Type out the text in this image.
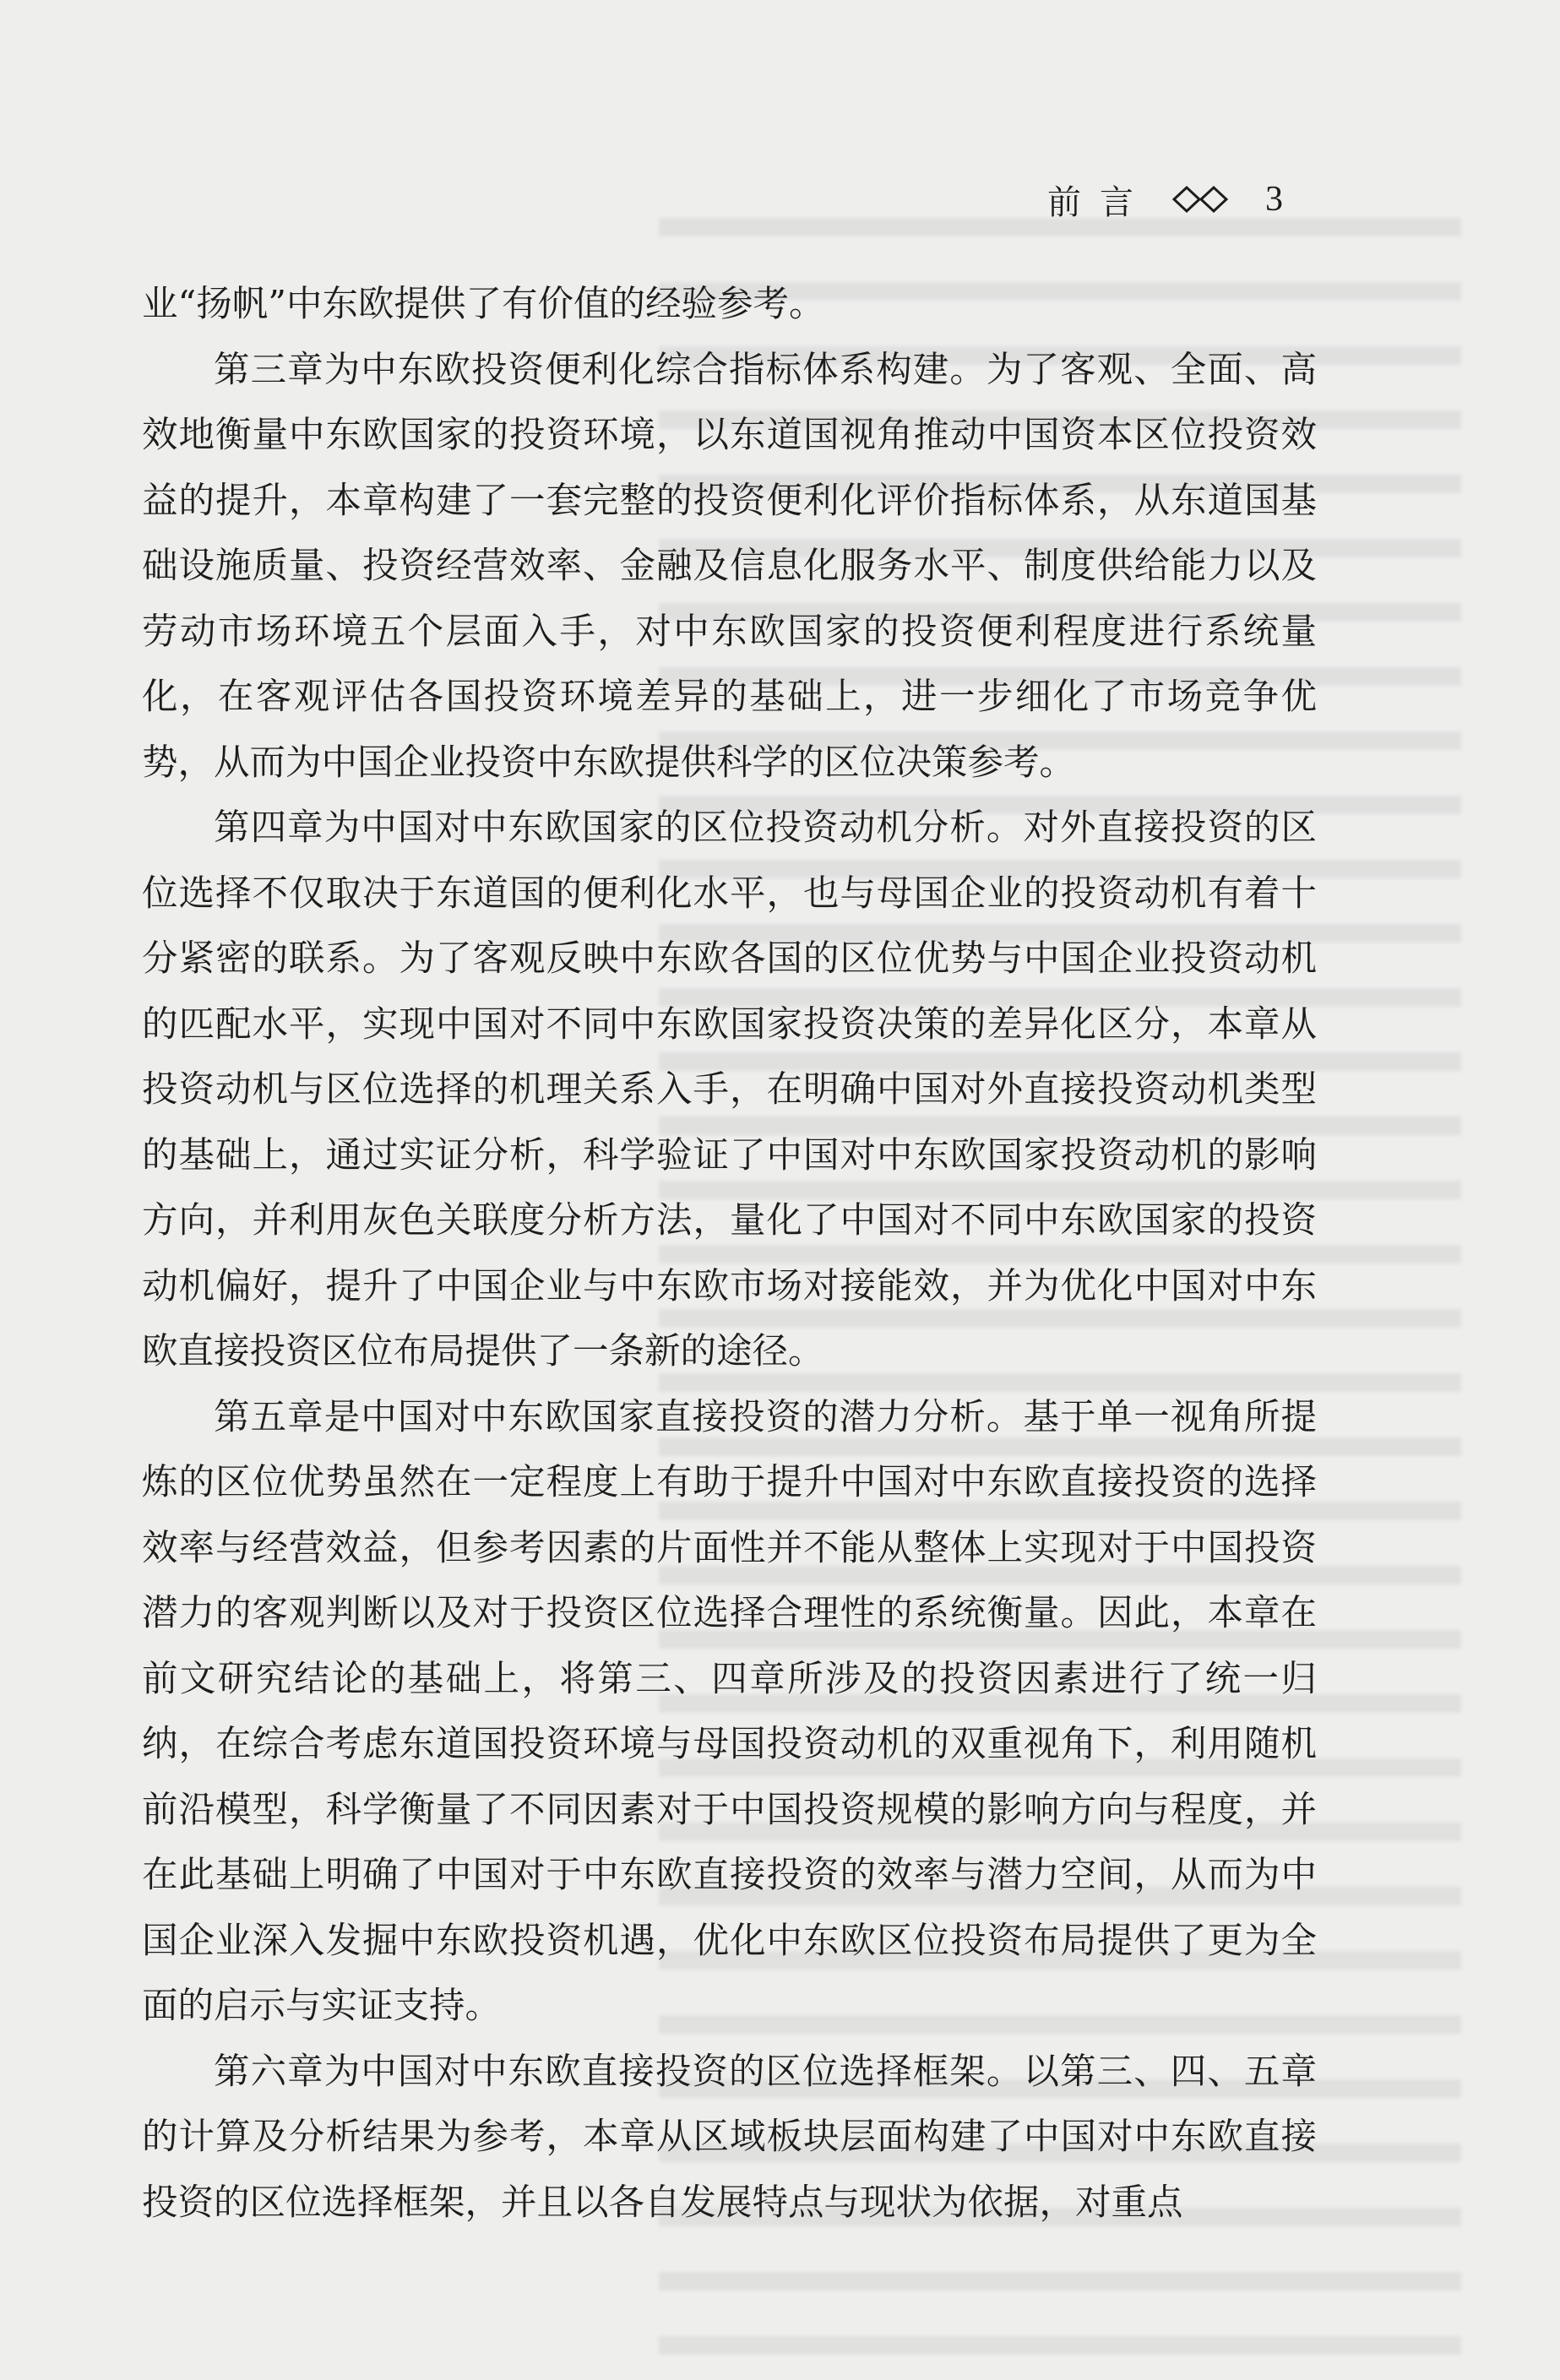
前言	3

业“扬帆”中东欧提供了有价值的经验参考。

第三章为中东欧投资便利化综合指标体系构建。为了客观、全面、高效地衡量中东欧国家的投资环境，以东道国视角推动中国资本区位投资效益的提升，本章构建了一套完整的投资便利化评价指标体系，从东道国基础设施质量、投资经营效率、金融及信息化服务水平、制度供给能力以及劳动市场环境五个层面入手，对中东欧国家的投资便利程度进行系统量化，在客观评估各国投资环境差异的基础上，进一步细化了市场竞争优势，从而为中国企业投资中东欧提供科学的区位决策参考。

第四章为中国对中东欧国家的区位投资动机分析。对外直接投资的区位选择不仅取决于东道国的便利化水平，也与母国企业的投资动机有着十分紧密的联系。为了客观反映中东欧各国的区位优势与中国企业投资动机的匹配水平，实现中国对不同中东欧国家投资决策的差异化区分，本章从投资动机与区位选择的机理关系入手，在明确中国对外直接投资动机类型的基础上，通过实证分析，科学验证了中国对中东欧国家投资动机的影响方向，并利用灰色关联度分析方法，量化了中国对不同中东欧国家的投资动机偏好，提升了中国企业与中东欧市场对接能效，并为优化中国对中东欧直接投资区位布局提供了一条新的途径。

第五章是中国对中东欧国家直接投资的潜力分析。基于单一视角所提炼的区位优势虽然在一定程度上有助于提升中国对中东欧直接投资的选择效率与经营效益，但参考因素的片面性并不能从整体上实现对于中国投资潜力的客观判断以及对于投资区位选择合理性的系统衡量。因此，本章在前文研究结论的基础上，将第三、四章所涉及的投资因素进行了统一归纳，在综合考虑东道国投资环境与母国投资动机的双重视角下，利用随机前沿模型，科学衡量了不同因素对于中国投资规模的影响方向与程度，并在此基础上明确了中国对于中东欧直接投资的效率与潜力空间，从而为中国企业深入发掘中东欧投资机遇，优化中东欧区位投资布局提供了更为全面的启示与实证支持。

第六章为中国对中东欧直接投资的区位选择框架。以第三、四、五章的计算及分析结果为参考，本章从区域板块层面构建了中国对中东欧直接投资的区位选择框架，并且以各自发展特点与现状为依据，对重点
